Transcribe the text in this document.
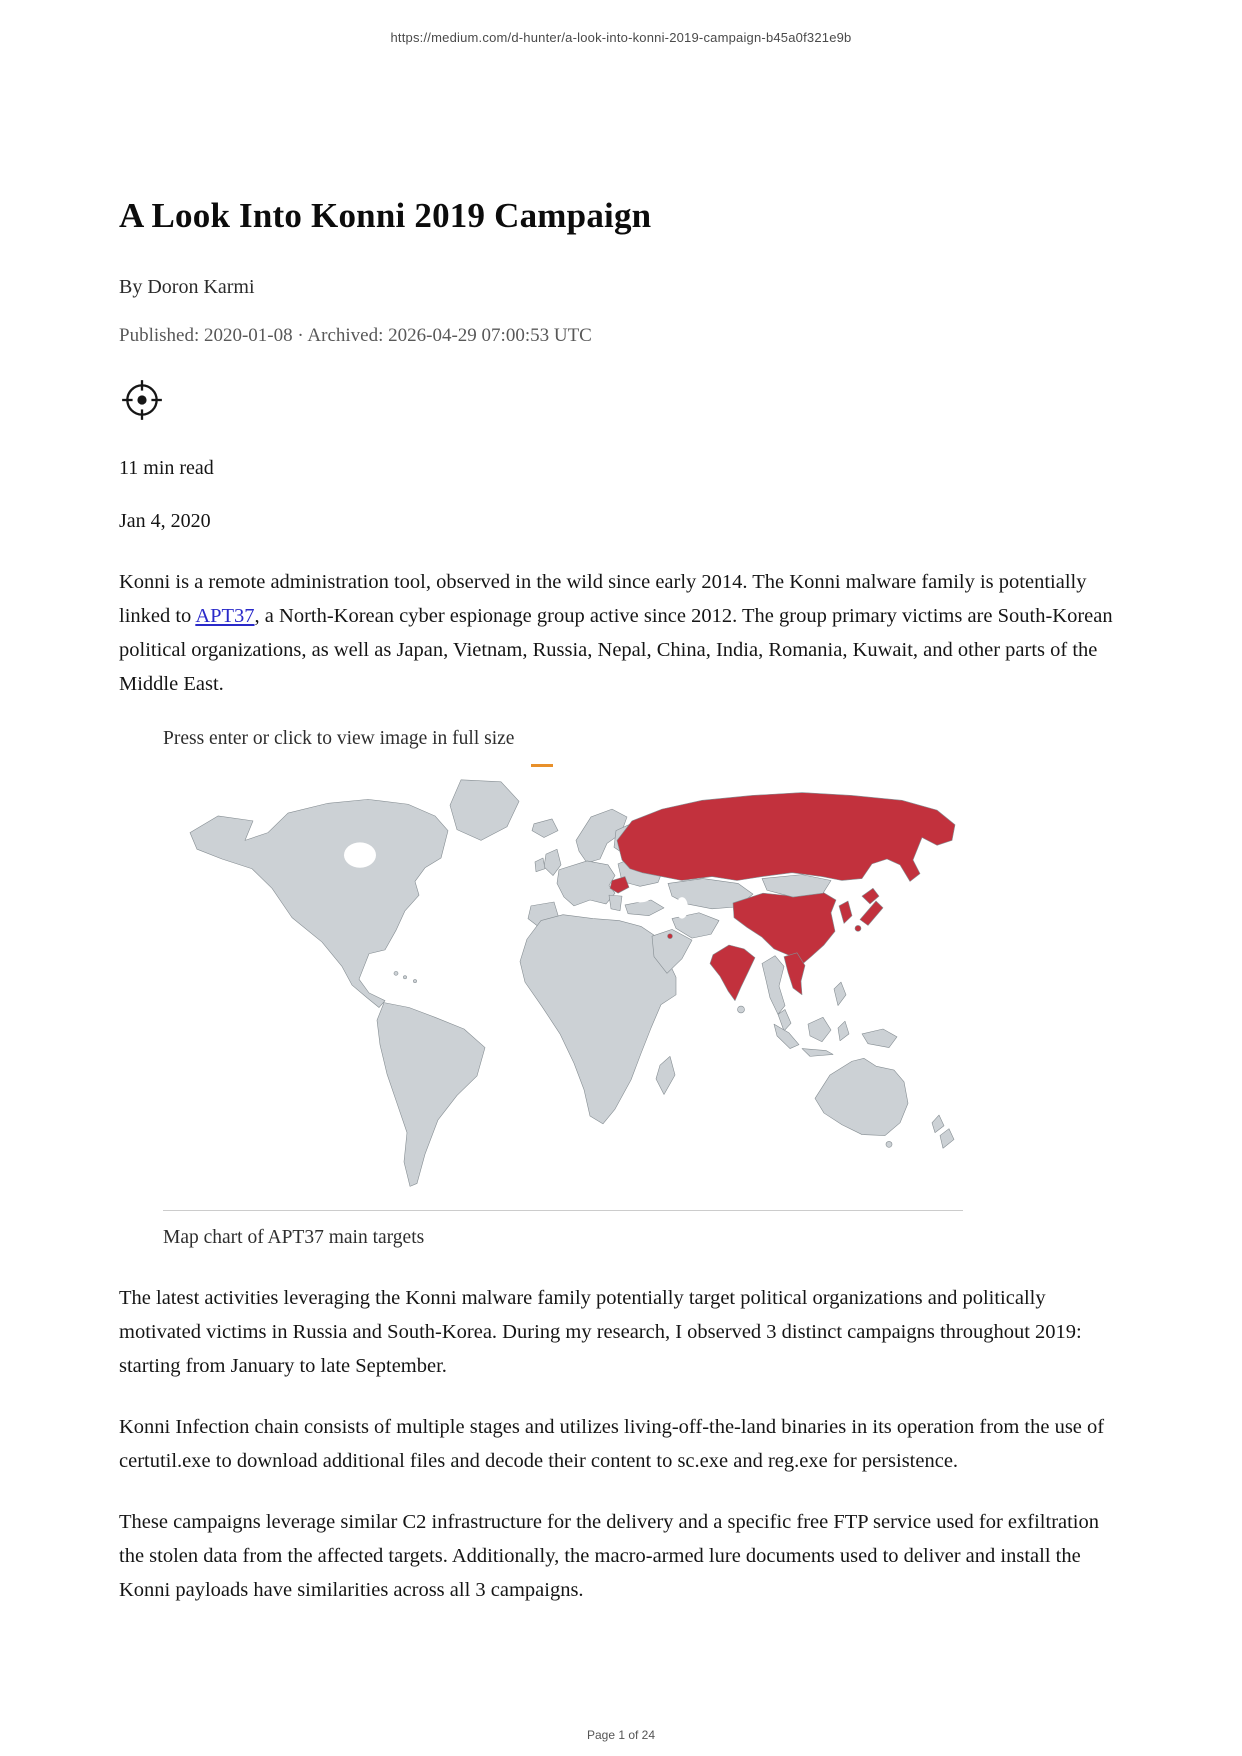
https://medium.com/d-hunter/a-look-into-konni-2019-campaign-b45a0f321e9b
A Look Into Konni 2019 Campaign
By Doron Karmi
Published: 2020-01-08 · Archived: 2026-04-29 07:00:53 UTC
11 min read
Jan 4, 2020

Konni is a remote administration tool, observed in the wild since early 2014. The Konni malware family is potentially linked to APT37, a North-Korean cyber espionage group active since 2012. The group primary victims are South-Korean political organizations, as well as Japan, Vietnam, Russia, Nepal, China, India, Romania, Kuwait, and other parts of the Middle East.

Press enter or click to view image in full size
Map chart of APT37 main targets

The latest activities leveraging the Konni malware family potentially target political organizations and politically motivated victims in Russia and South-Korea. During my research, I observed 3 distinct campaigns throughout 2019: starting from January to late September.

Konni Infection chain consists of multiple stages and utilizes living-off-the-land binaries in its operation from the use of certutil.exe to download additional files and decode their content to sc.exe and reg.exe for persistence.

These campaigns leverage similar C2 infrastructure for the delivery and a specific free FTP service used for exfiltration the stolen data from the affected targets. Additionally, the macro-armed lure documents used to deliver and install the Konni payloads have similarities across all 3 campaigns.

Page 1 of 24
